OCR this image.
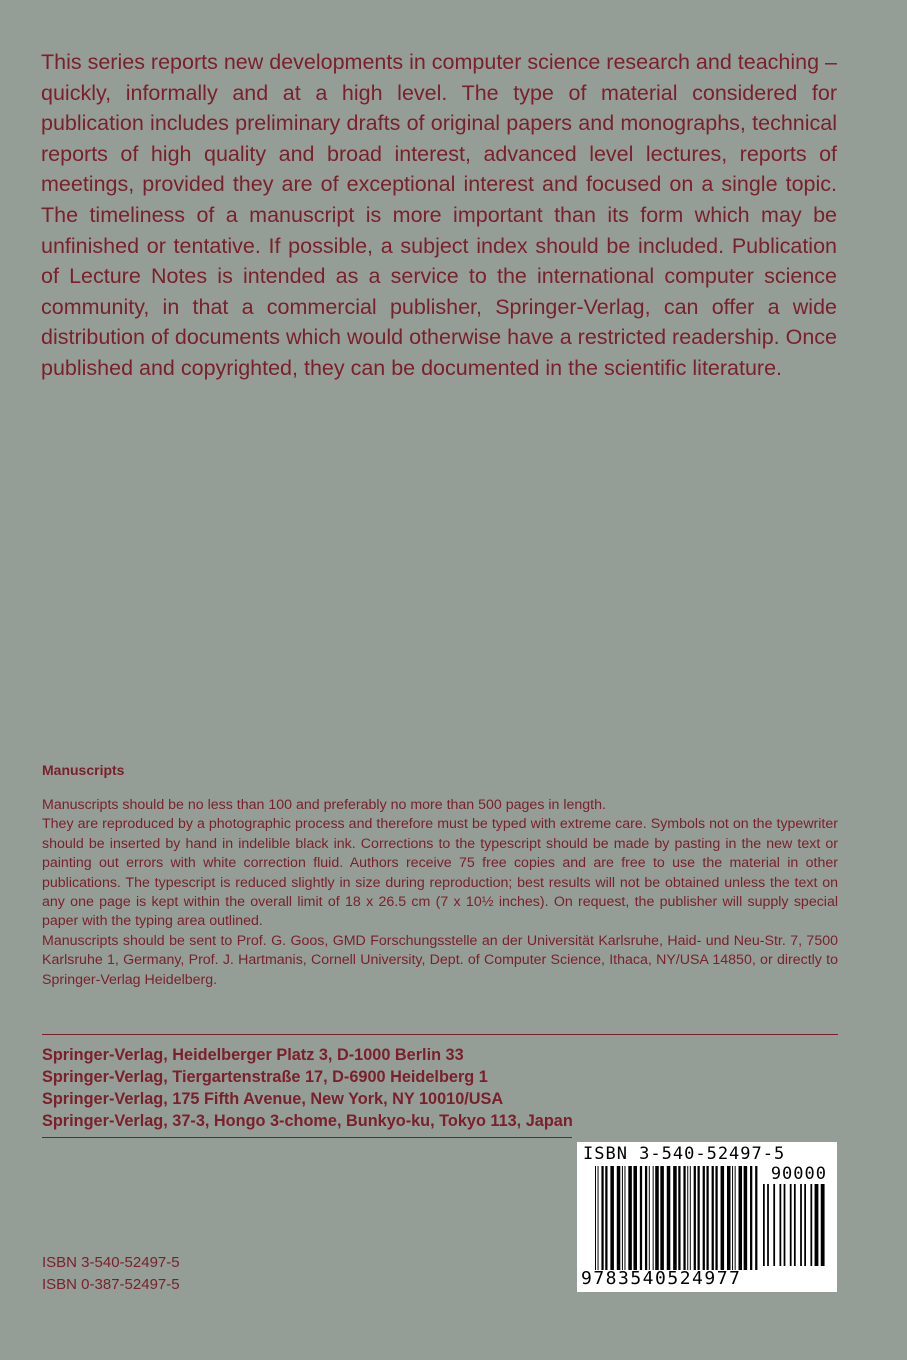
This series reports new developments in computer science research and teaching – quickly, informally and at a high level. The type of material considered for publication includes preliminary drafts of original papers and monographs, technical reports of high quality and broad interest, advanced level lectures, reports of meetings, provided they are of exceptional interest and focused on a single topic. The timeliness of a manuscript is more important than its form which may be unfinished or tentative. If possible, a subject index should be included. Publication of Lecture Notes is intended as a service to the international computer science community, in that a commercial publisher, Springer-Verlag, can offer a wide distribution of documents which would otherwise have a restricted readership. Once published and copyrighted, they can be documented in the scientific literature.

Manuscripts

Manuscripts should be no less than 100 and preferably no more than 500 pages in length.

They are reproduced by a photographic process and therefore must be typed with extreme care. Symbols not on the typewriter should be inserted by hand in indelible black ink. Corrections to the typescript should be made by pasting in the new text or painting out errors with white correction fluid. Authors receive 75 free copies and are free to use the material in other publications. The typescript is reduced slightly in size during reproduction; best results will not be obtained unless the text on any one page is kept within the overall limit of 18 x 26.5 cm (7 x 10½ inches). On request, the publisher will supply special paper with the typing area outlined.

Manuscripts should be sent to Prof. G. Goos, GMD Forschungsstelle an der Universität Karlsruhe, Haid- und Neu-Str. 7, 7500 Karlsruhe 1, Germany, Prof. J. Hartmanis, Cornell University, Dept. of Computer Science, Ithaca, NY/USA 14850, or directly to Springer-Verlag Heidelberg.

Springer-Verlag, Heidelberger Platz 3, D-1000 Berlin 33
Springer-Verlag, Tiergartenstraße 17, D-6900 Heidelberg 1
Springer-Verlag, 175 Fifth Avenue, New York, NY 10010/USA
Springer-Verlag, 37-3, Hongo 3-chome, Bunkyo-ku, Tokyo 113, Japan
ISBN 3-540-52497-5
ISBN 0-387-52497-5
ISBN 3-540-52497-5
90000
9783540524977
